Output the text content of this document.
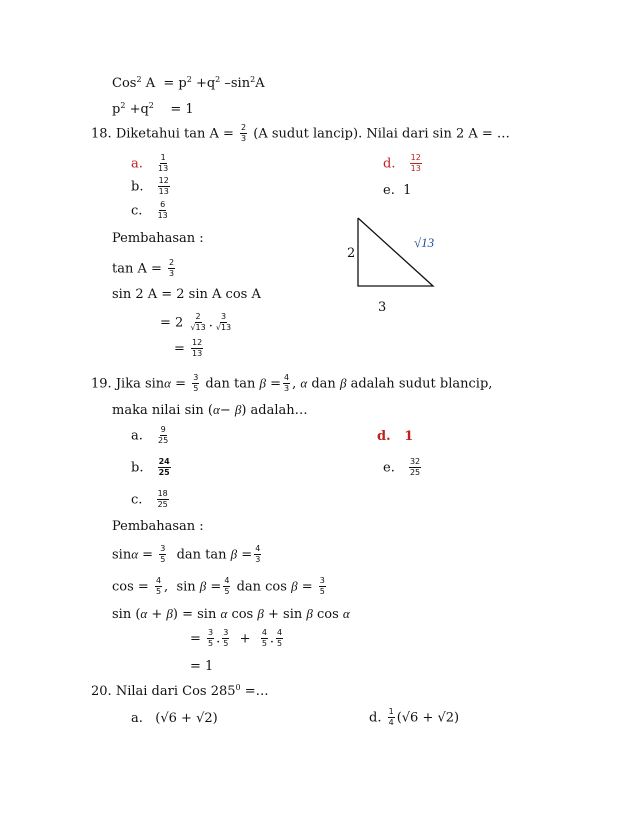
Cos$^2$ $A = p^2 +q^2$ $-\sin^2A$
$p^2 +q^2 = 1$
18. Diketahui $\tan A = \frac{2}{3} (A$ sudut lancip). Nilai dari sin 2 A = …
a. $\frac{1}{13}$
b. $\frac{12}{13}$
c. $\frac{6}{13}$
d. $\frac{12}{13}$
e. 1
Pembahasan :
$\tan A = \frac{2}{3}$
sin 2 A = 2 sin A cos A
= $2 \frac{2}{√13}$ . $\frac{3}{√13}$
= $\frac{12}{13}$
2
3
√13
19. Jika $\sin\alpha = \frac{3}{5}$ dan $\tan \beta = \frac{4}{3}$ , α dan β adalah sudut blancip,
maka nilai sin (α− β) adalah…
a. $\frac{9}{25}$
b. $\frac{24}{25}$
c. $\frac{18}{25}$
d. 1
e. $\frac{32}{25}$
Pembahasan :
$\sin\alpha = \frac{3}{5}$ dan $\tan \beta = \frac{4}{3}$
$\cos = \frac{4}{5}$ , $\sin \beta = \frac{4}{5}$ dan $\cos \beta = \frac{3}{5}$
sin (α + β) = sin α cos β + sin β cos α
= $\frac{3}{5}$ . $\frac{3}{5} + \frac{4}{5}$ . $\frac{4}{5}$
= 1
20. Nilai dari Cos $285^0$ =…
a. (√6 + √2)	d. $\frac{1}{4} (√6 + √2)$
